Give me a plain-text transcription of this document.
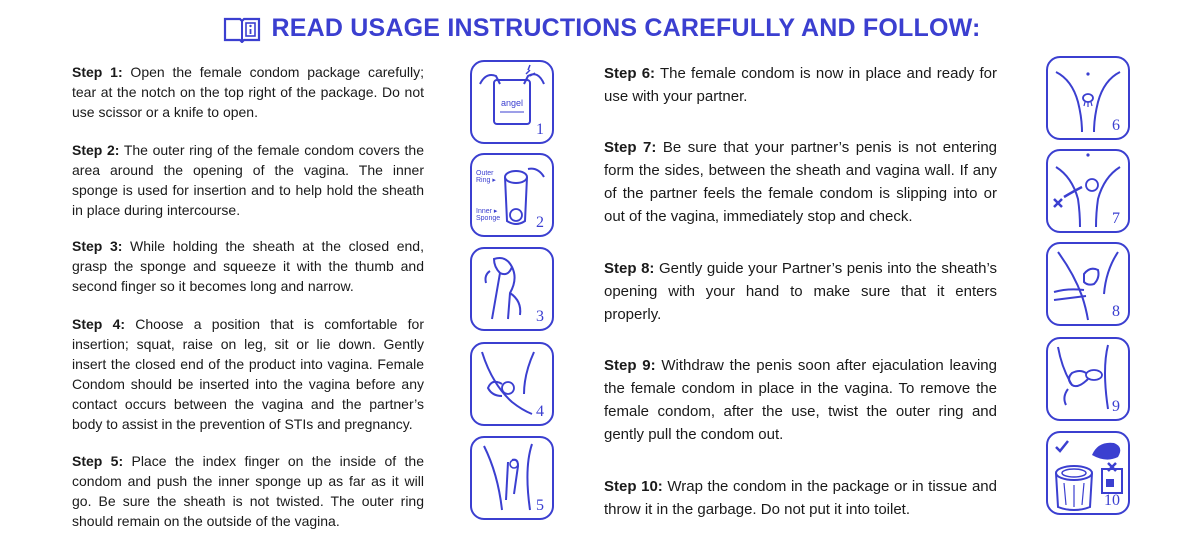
READ USAGE INSTRUCTIONS CAREFULLY AND FOLLOW:
Step 1: Open the female condom package carefully; tear at the notch on the top right of the package. Do not use scissor or a knife to open.
Step 2: The outer ring of the female condom covers the area around the opening of the vagina. The inner sponge is used for insertion and to help hold the sheath in place during intercourse.
Step 3: While holding the sheath at the closed end, grasp the sponge and squeeze it with the thumb and second finger so it becomes long and narrow.
Step 4: Choose a position that is comfortable for insertion; squat, raise on leg, sit or lie down. Gently insert the closed end of the product into vagina. Female Condom should be inserted into the vagina before any contact occurs between the vagina and the partner’s body to assist in the prevention of STIs and pregnancy.
Step 5: Place the index finger on the inside of the condom and push the inner sponge up as far as it will go. Be sure the sheath is not twisted. The outer ring should remain on the outside of the vagina.
Step 6: The female condom is now in place and ready for use with your partner.
Step 7: Be sure that your partner’s penis is not entering form the sides, between the sheath and vagina wall. If any of the partner feels the female condom is slipping into or out of the vagina, immediately stop and check.
Step 8: Gently guide your Partner’s penis into the sheath’s opening with your hand to make sure that it enters properly.
Step 9: Withdraw the penis soon after ejaculation leaving the female condom in place in the vagina. To remove the female condom, after the use, twist the outer ring and gently pull the condom out.
Step 10: Wrap the condom in the package or in tissue and throw it in the garbage. Do not put it into toilet.
angel
1
Outer
Ring ▸
Inner ▸
Sponge 2
3
4
5
6
7
8
9
10
